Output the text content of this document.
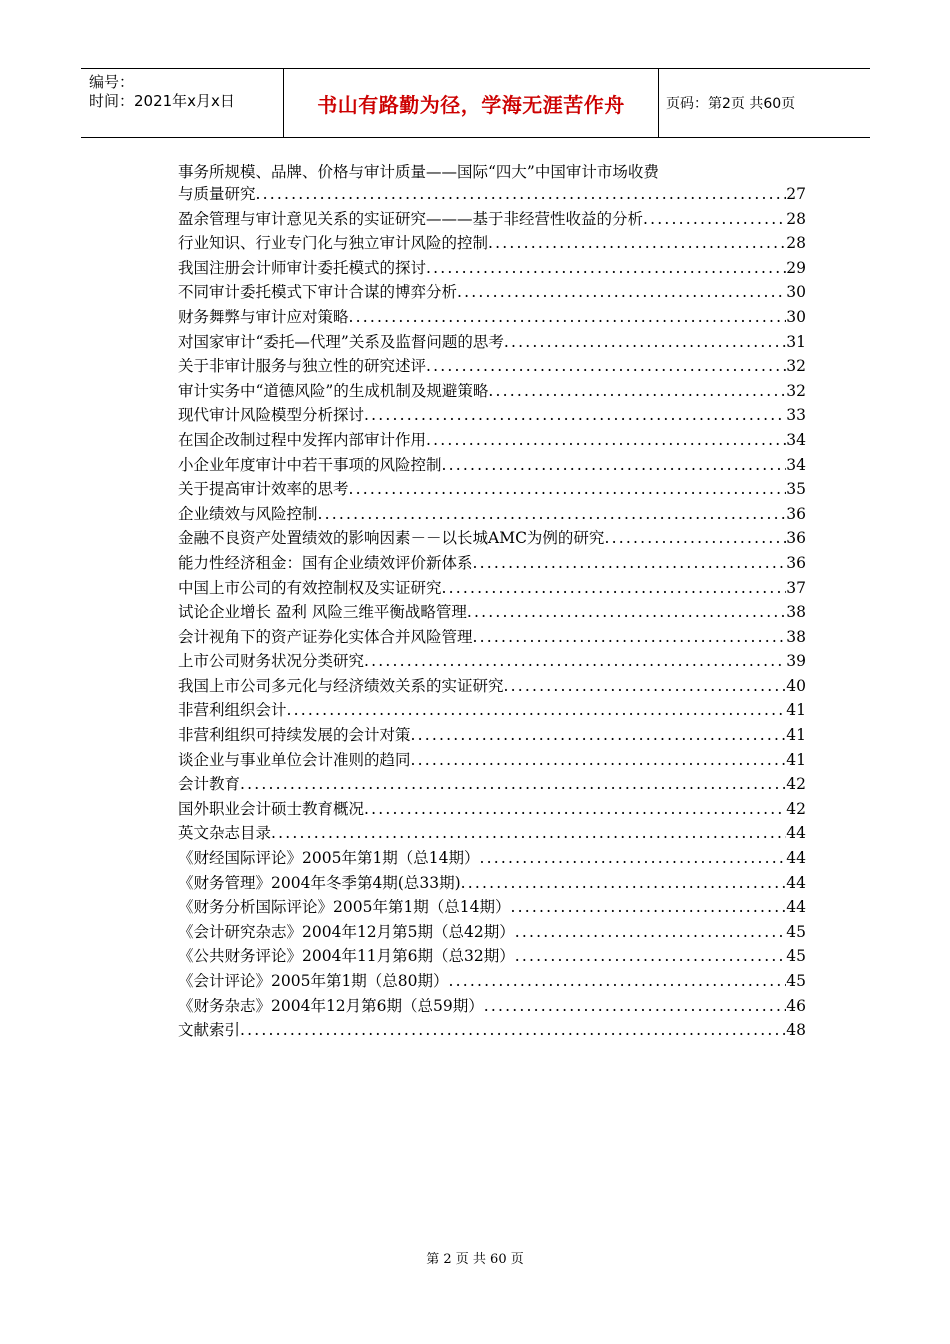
编号：
时间：2021年x月x日	书山有路勤为径，学海无涯苦作舟	页码：第2页 共60页
事务所规模、品牌、价格与审计质量——国际“四大”中国审计市场收费
与质量研究 .....	27
盈余管理与审计意见关系的实证研究———基于非经营性收益的分析 .....	28
行业知识、行业专门化与独立审计风险的控制 .....	28
我国注册会计师审计委托模式的探讨 .....	29
不同审计委托模式下审计合谋的博弈分析 .....	30
财务舞弊与审计应对策略 .....	30
对国家审计“委托—代理”关系及监督问题的思考 .....	31
关于非审计服务与独立性的研究述评 .....	32
审计实务中“道德风险”的生成机制及规避策略 .....	32
现代审计风险模型分析探讨 .....	33
在国企改制过程中发挥内部审计作用 .....	34
小企业年度审计中若干事项的风险控制 .....	34
关于提高审计效率的思考 .....	35
企业绩效与风险控制 .....	36
金融不良资产处置绩效的影响因素－－以长城AMC为例的研究 .....	36
能力性经济租金：国有企业绩效评价新体系 .....	36
中国上市公司的有效控制权及实证研究 .....	37
试论企业增长 盈利 风险三维平衡战略管理 .....	38
会计视角下的资产证券化实体合并风险管理 .....	38
上市公司财务状况分类研究 .....	39
我国上市公司多元化与经济绩效关系的实证研究 .....	40
非营利组织会计 .....	41
非营利组织可持续发展的会计对策 .....	41
谈企业与事业单位会计准则的趋同 .....	41
会计教育 .....	42
国外职业会计硕士教育概况 .....	42
英文杂志目录 .....	44
《财经国际评论》2005年第1期（总14期） .....	44
《财务管理》2004年冬季第4期(总33期) .....	44
《财务分析国际评论》2005年第1期（总14期） .....	44
《会计研究杂志》2004年12月第5期（总42期） .....	45
《公共财务评论》2004年11月第6期（总32期） .....	45
《会计评论》2005年第1期（总80期） .....	45
《财务杂志》2004年12月第6期（总59期） .....	46
文献索引 .....	48
第 2 页 共 60 页
